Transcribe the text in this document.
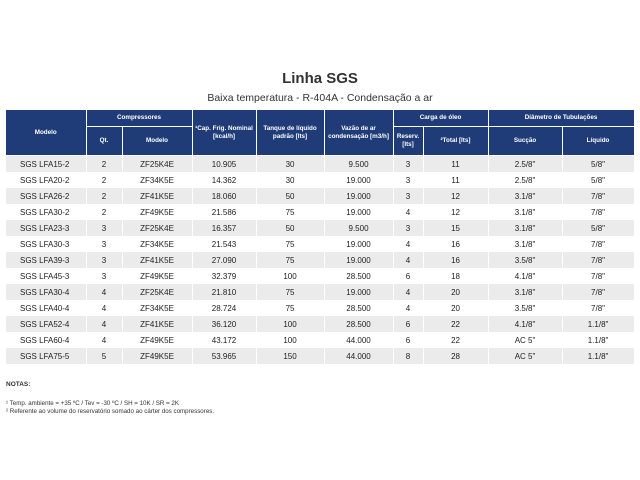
Linha SGS
Baixa temperatura - R-404A - Condensação a ar
Modelo	Compressores		¹Cap. Frig. Nominal [kcal/h]	Tanque de líquido padrão [lts]	Vazão de ar condensação [m3/h]	Carga de óleo		Diâmetro de Tubulações	
	Qt.	Modelo				Reserv. [lts]	²Total [lts]	Sucção	Líquido
SGS LFA15-2	2	ZF25K4E	10.905	30	9.500	3	11	2.5/8"	5/8"
SGS LFA20-2	2	ZF34K5E	14.362	30	19.000	3	11	2.5/8"	5/8"
SGS LFA26-2	2	ZF41K5E	18.060	50	19.000	3	12	3.1/8"	7/8"
SGS LFA30-2	2	ZF49K5E	21.586	75	19.000	4	12	3.1/8"	7/8"
SGS LFA23-3	3	ZF25K4E	16.357	50	9.500	3	15	3.1/8"	5/8"
SGS LFA30-3	3	ZF34K5E	21.543	75	19.000	4	16	3.1/8"	7/8"
SGS LFA39-3	3	ZF41K5E	27.090	75	19.000	4	16	3.5/8"	7/8"
SGS LFA45-3	3	ZF49K5E	32.379	100	28.500	6	18	4.1/8"	7/8"
SGS LFA30-4	4	ZF25K4E	21.810	75	19.000	4	20	3.1/8"	7/8"
SGS LFA40-4	4	ZF34K5E	28.724	75	28.500	4	20	3.5/8"	7/8"
SGS LFA52-4	4	ZF41K5E	36.120	100	28.500	6	22	4.1/8"	1.1/8"
SGS LFA60-4	4	ZF49K5E	43.172	100	44.000	6	22	AC 5"	1.1/8"
SGS LFA75-5	5	ZF49K5E	53.965	150	44.000	8	28	AC 5"	1.1/8"
NOTAS:
¹ Temp. ambiente = +35 ºC / Tev = -30 ºC / SH = 10K / SR = 2K
² Referente ao volume do reservatório somado ao cárter dos compressores.
